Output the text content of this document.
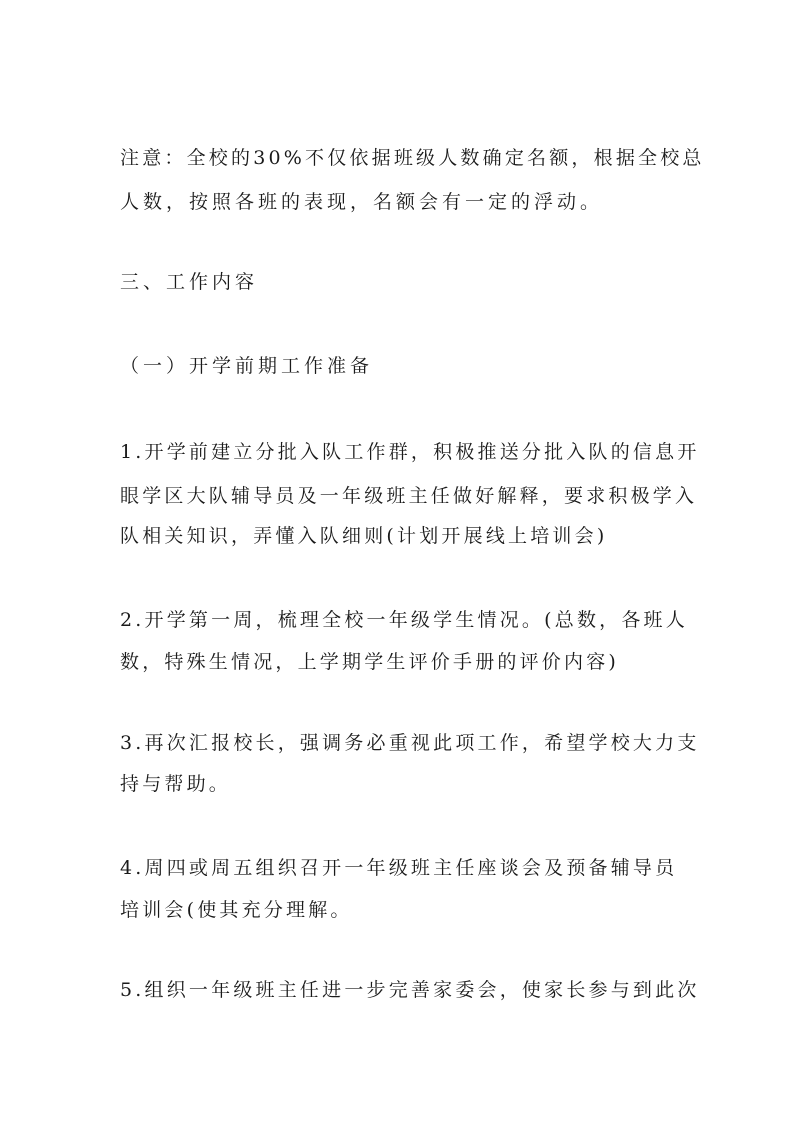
注意：全校的30%不仅依据班级人数确定名额，根据全校总

人数，按照各班的表现，名额会有一定的浮动。

三、工作内容

（一）开学前期工作准备

1.开学前建立分批入队工作群，积极推送分批入队的信息开

眼学区大队辅导员及一年级班主任做好解释，要求积极学入

队相关知识，弄懂入队细则(计划开展线上培训会)

2.开学第一周，梳理全校一年级学生情况。(总数，各班人

数，特殊生情况，上学期学生评价手册的评价内容)

3.再次汇报校长，强调务必重视此项工作，希望学校大力支

持与帮助。

4.周四或周五组织召开一年级班主任座谈会及预备辅导员

培训会(使其充分理解。

5.组织一年级班主任进一步完善家委会，使家长参与到此次
